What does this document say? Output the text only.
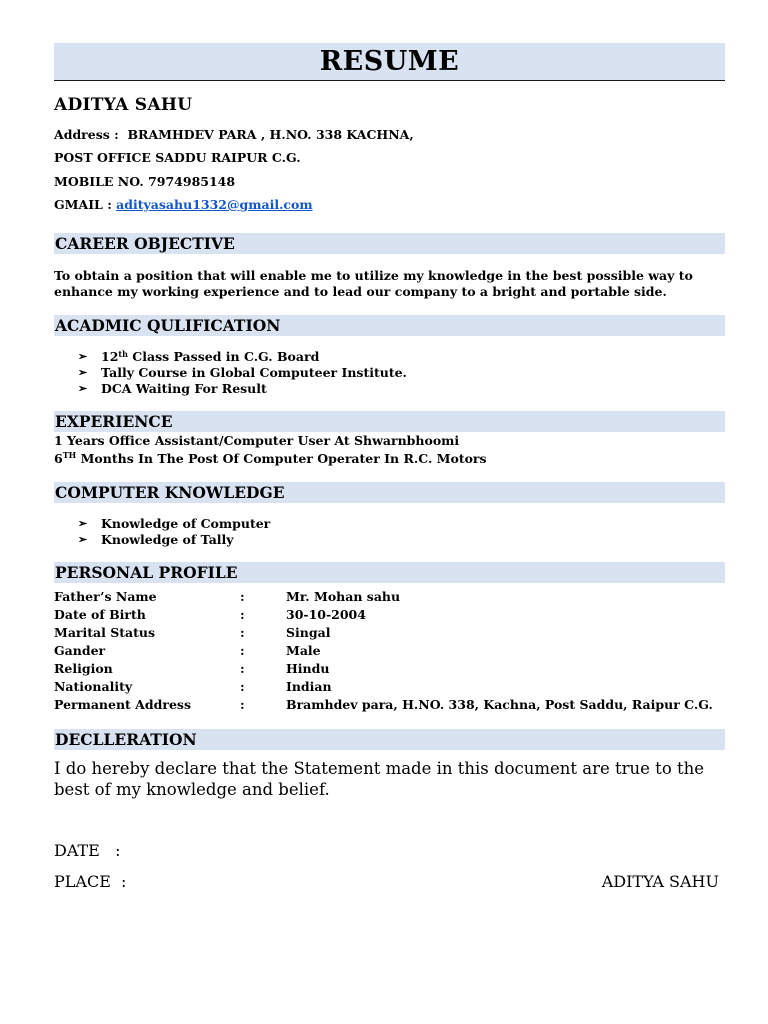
RESUME
ADITYA SAHU
Address : BRAMHDEV PARA , H.NO. 338 KACHNA,
POST OFFICE SADDU RAIPUR C.G.
MOBILE NO. 7974985148
GMAIL : adityasahu1332@gmail.com
CAREER OBJECTIVE
To obtain a position that will enable me to utilize my knowledge in the best possible way to enhance my working experience and to lead our company to a bright and portable side.
ACADMIC QULIFICATION
➢ 12th Class Passed in C.G. Board
➢ Tally Course in Global Computeer Institute.
➢ DCA Waiting For Result
EXPERIENCE
1 Years Office Assistant/Computer User At Shwarnbhoomi
6TH Months In The Post Of Computer Operater In R.C. Motors
COMPUTER KNOWLEDGE
➢ Knowledge of Computer
➢ Knowledge of Tally
PERSONAL PROFILE
Father’s Name	:	Mr. Mohan sahu
Date of Birth	:	30-10-2004
Marital Status	:	Singal
Gander	:	Male
Religion	:	Hindu
Nationality	:	Indian
Permanent Address	:	Bramhdev para, H.NO. 338, Kachna, Post Saddu, Raipur C.G.
DECLLERATION
I do hereby declare that the Statement made in this document are true to the best of my knowledge and belief.
DATE   :
PLACE  :	ADITYA SAHU
